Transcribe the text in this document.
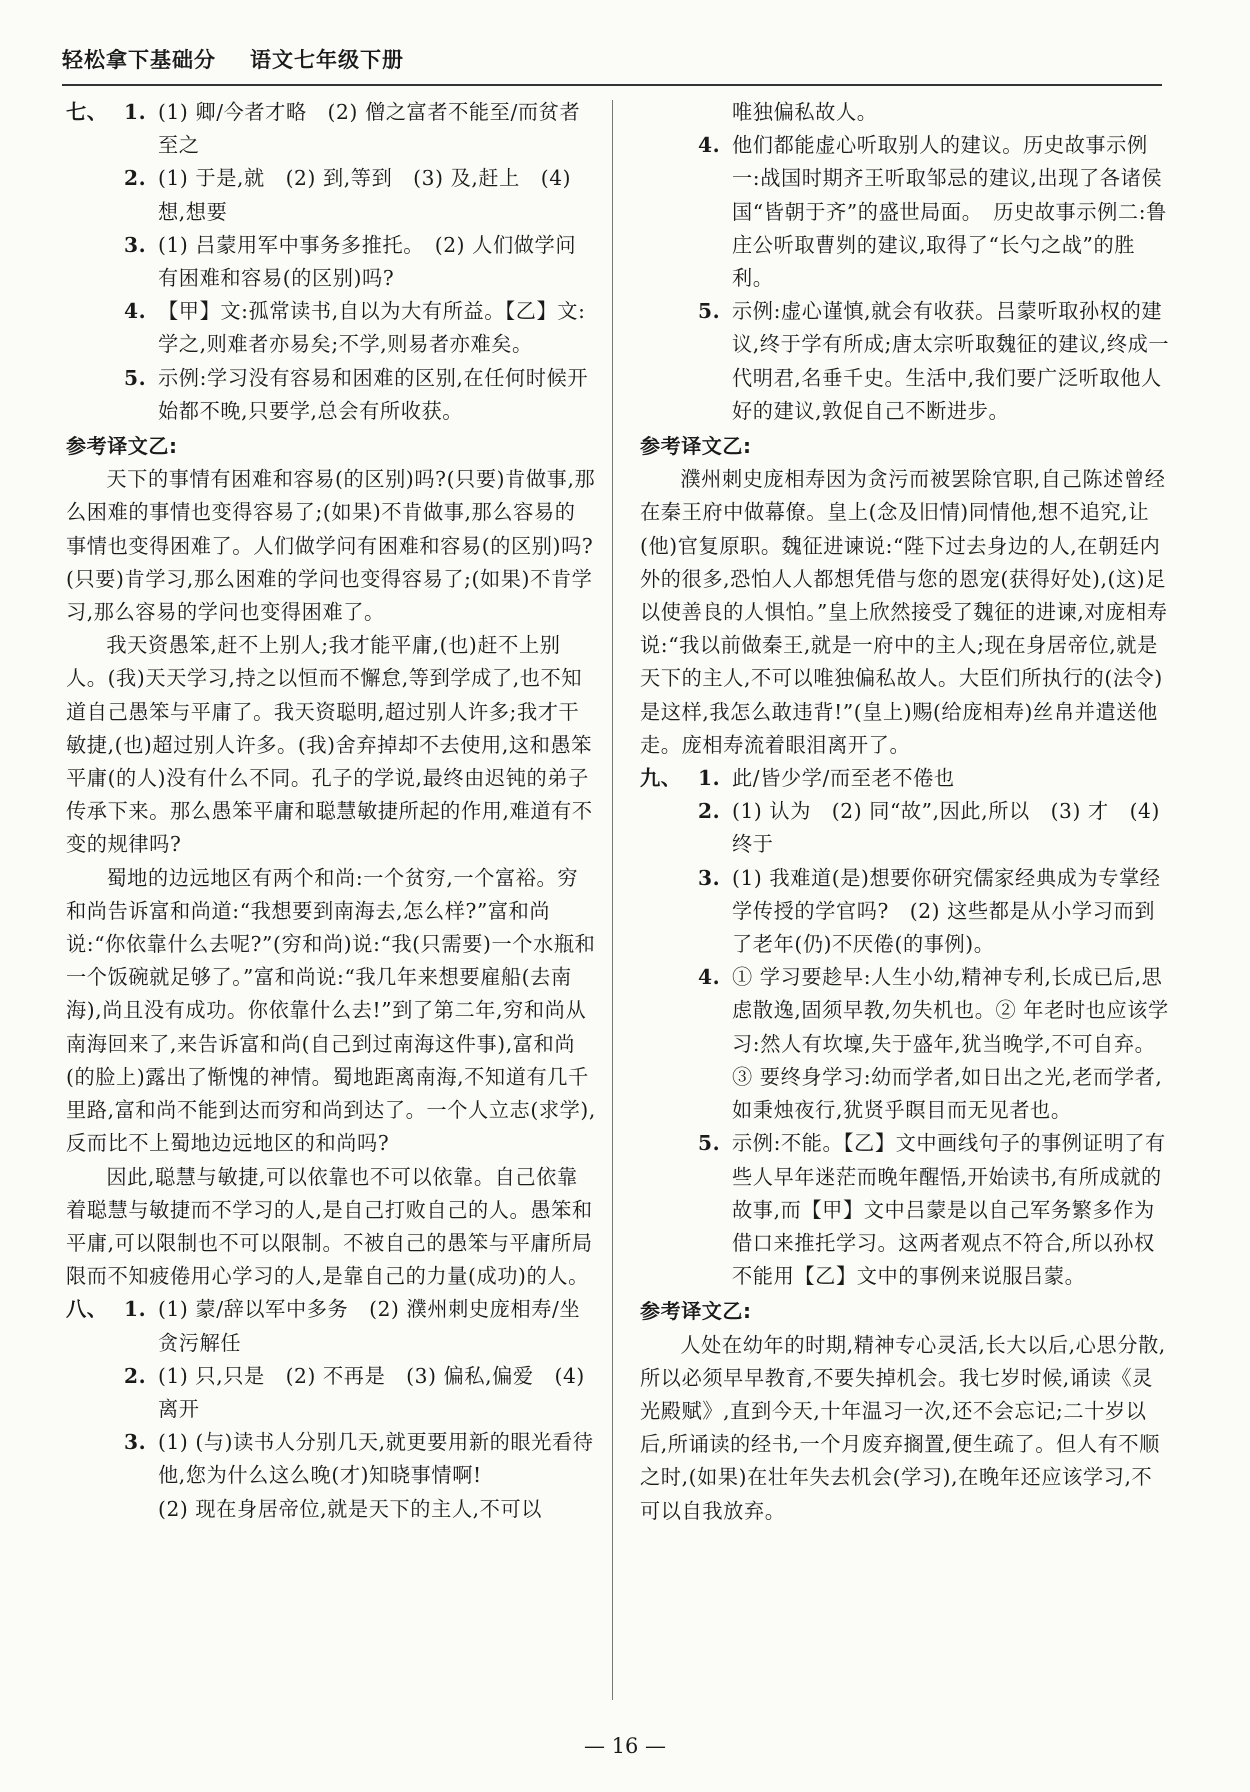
轻松拿下基础分 语文七年级下册
七、 1. (1) 卿/今者才略　(2) 僧之富者不能至/而贫者至之
2. (1) 于是,就　(2) 到,等到　(3) 及,赶上　(4) 想,想要
3. (1) 吕蒙用军中事务多推托。　(2) 人们做学问有困难和容易(的区别)吗?
4. 【甲】文:孤常读书,自以为大有所益。【乙】文:学之,则难者亦易矣;不学,则易者亦难矣。
5. 示例:学习没有容易和困难的区别,在任何时候开始都不晚,只要学,总会有所收获。
参考译文乙:

天下的事情有困难和容易(的区别)吗?(只要)肯做事,那么困难的事情也变得容易了;(如果)不肯做事,那么容易的事情也变得困难了。人们做学问有困难和容易(的区别)吗?(只要)肯学习,那么困难的学问也变得容易了;(如果)不肯学习,那么容易的学问也变得困难了。

我天资愚笨,赶不上别人;我才能平庸,(也)赶不上别人。(我)天天学习,持之以恒而不懈怠,等到学成了,也不知道自己愚笨与平庸了。我天资聪明,超过别人许多;我才干敏捷,(也)超过别人许多。(我)舍弃掉却不去使用,这和愚笨平庸(的人)没有什么不同。孔子的学说,最终由迟钝的弟子传承下来。那么愚笨平庸和聪慧敏捷所起的作用,难道有不变的规律吗?

蜀地的边远地区有两个和尚:一个贫穷,一个富裕。穷和尚告诉富和尚道:“我想要到南海去,怎么样?”富和尚说:“你依靠什么去呢?”(穷和尚)说:“我(只需要)一个水瓶和一个饭碗就足够了。”富和尚说:“我几年来想要雇船(去南海),尚且没有成功。你依靠什么去!”到了第二年,穷和尚从南海回来了,来告诉富和尚(自己到过南海这件事),富和尚(的脸上)露出了惭愧的神情。蜀地距离南海,不知道有几千里路,富和尚不能到达而穷和尚到达了。一个人立志(求学),反而比不上蜀地边远地区的和尚吗?

因此,聪慧与敏捷,可以依靠也不可以依靠。自己依靠着聪慧与敏捷而不学习的人,是自己打败自己的人。愚笨和平庸,可以限制也不可以限制。不被自己的愚笨与平庸所局限而不知疲倦用心学习的人,是靠自己的力量(成功)的人。

八、 1. (1) 蒙/辞以军中多务　(2) 濮州刺史庞相寿/坐贪污解任
2. (1) 只,只是　(2) 不再是　(3) 偏私,偏爱　(4) 离开
3. (1) (与)读书人分别几天,就更要用新的眼光看待他,您为什么这么晚(才)知晓事情啊!
(2) 现在身居帝位,就是天下的主人,不可以
唯独偏私故人。
4. 他们都能虚心听取别人的建议。历史故事示例一:战国时期齐王听取邹忌的建议,出现了各诸侯国“皆朝于齐”的盛世局面。　历史故事示例二:鲁庄公听取曹刿的建议,取得了“长勺之战”的胜利。
5. 示例:虚心谨慎,就会有收获。吕蒙听取孙权的建议,终于学有所成;唐太宗听取魏征的建议,终成一代明君,名垂千史。生活中,我们要广泛听取他人好的建议,敦促自己不断进步。
参考译文乙:

濮州刺史庞相寿因为贪污而被罢除官职,自己陈述曾经在秦王府中做幕僚。皇上(念及旧情)同情他,想不追究,让(他)官复原职。魏征进谏说:“陛下过去身边的人,在朝廷内外的很多,恐怕人人都想凭借与您的恩宠(获得好处),(这)足以使善良的人惧怕。”皇上欣然接受了魏征的进谏,对庞相寿说:“我以前做秦王,就是一府中的主人;现在身居帝位,就是天下的主人,不可以唯独偏私故人。大臣们所执行的(法令)是这样,我怎么敢违背!”(皇上)赐(给庞相寿)丝帛并遣送他走。庞相寿流着眼泪离开了。

九、 1. 此/皆少学/而至老不倦也
2. (1) 认为　(2) 同“故”,因此,所以　(3) 才　(4) 终于
3. (1) 我难道(是)想要你研究儒家经典成为专掌经学传授的学官吗?　(2) 这些都是从小学习而到了老年(仍)不厌倦(的事例)。
4. ① 学习要趁早:人生小幼,精神专利,长成已后,思虑散逸,固须早教,勿失机也。② 年老时也应该学习:然人有坎壈,失于盛年,犹当晚学,不可自弃。③ 要终身学习:幼而学者,如日出之光,老而学者,如秉烛夜行,犹贤乎瞑目而无见者也。
5. 示例:不能。【乙】文中画线句子的事例证明了有些人早年迷茫而晚年醒悟,开始读书,有所成就的故事,而【甲】文中吕蒙是以自己军务繁多作为借口来推托学习。这两者观点不符合,所以孙权不能用【乙】文中的事例来说服吕蒙。
参考译文乙:

人处在幼年的时期,精神专心灵活,长大以后,心思分散,所以必须早早教育,不要失掉机会。我七岁时候,诵读《灵光殿赋》,直到今天,十年温习一次,还不会忘记;二十岁以后,所诵读的经书,一个月废弃搁置,便生疏了。但人有不顺之时,(如果)在壮年失去机会(学习),在晚年还应该学习,不可以自我放弃。

— 16 —
